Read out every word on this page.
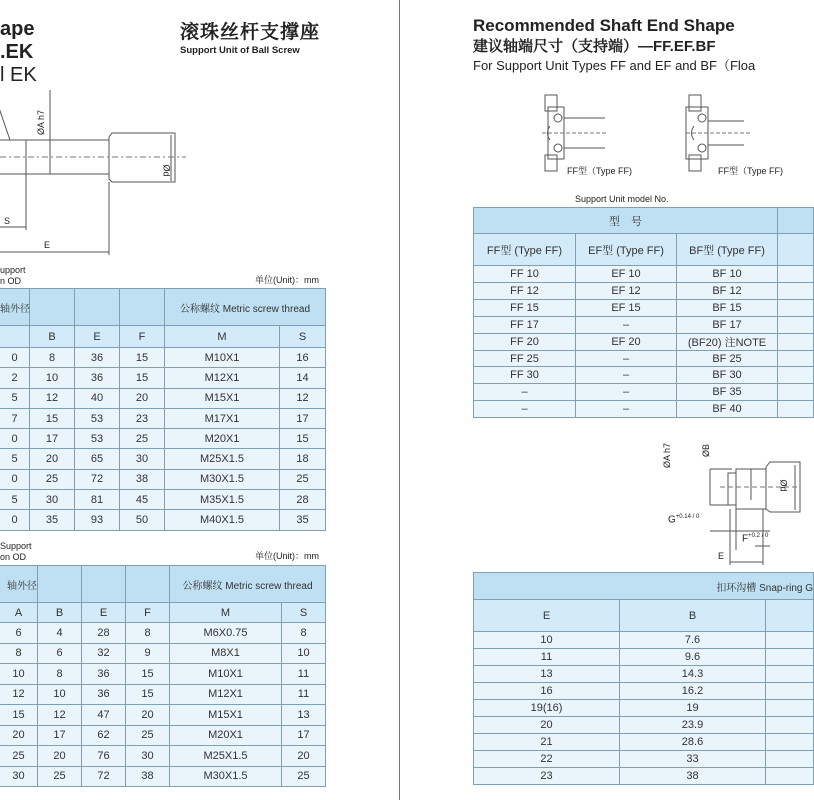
ape
.EK
l EK
滚珠丝杆支撑座
Support Unit of Ball Screw
ØA h7
Ød
S
E
upport
n OD	单位(Unit)：mm
轴外径				公称螺纹 Metric screw thread	
	B	E	F	M	S
0	8	36	15	M10X1	16
2	10	36	15	M12X1	14
5	12	40	20	M15X1	12
7	15	53	23	M17X1	17
0	17	53	25	M20X1	15
5	20	65	30	M25X1.5	18
0	25	72	38	M30X1.5	25
5	30	81	45	M35X1.5	28
0	35	93	50	M40X1.5	35
Support
on OD	单位(Unit)：mm
轴外径				公称螺纹 Metric screw thread	
A	B	E	F	M	S
6	4	28	8	M6X0.75	8
8	6	32	9	M8X1	10
10	8	36	15	M10X1	11
12	10	36	15	M12X1	11
15	12	47	20	M15X1	13
20	17	62	25	M20X1	17
25	20	76	30	M25X1.5	20
30	25	72	38	M30X1.5	25
Recommended Shaft End Shape
建议轴端尺寸（支持端）—FF.EF.BF
For Support Unit Types FF and EF and BF（Floa
FF型（Type FF)	FF型（Type FF)
Support Unit model No.
型　号			
FF型 (Type FF)	EF型 (Type FF)	BF型 (Type FF)	
FF 10	EF 10	BF 10	
FF 12	EF 12	BF 12	
FF 15	EF 15	BF 15	
FF 17	–	BF 17	
FF 20	EF 20	(BF20) 注NOTE	
FF 25	–	BF 25	
FF 30	–	BF 30	
–	–	BF 35	
–	–	BF 40	
ØA h7	ØB
Ød
$G^{+0.14 / 0}$
$F^{+0.2 / 0}$
E
扣环沟槽 Snap-ring G		
E	B	
10	7.6	
11	9.6	
13	14.3	
16	16.2	
19(16)	19	
20	23.9	
21	28.6	
22	33	
23	38	
